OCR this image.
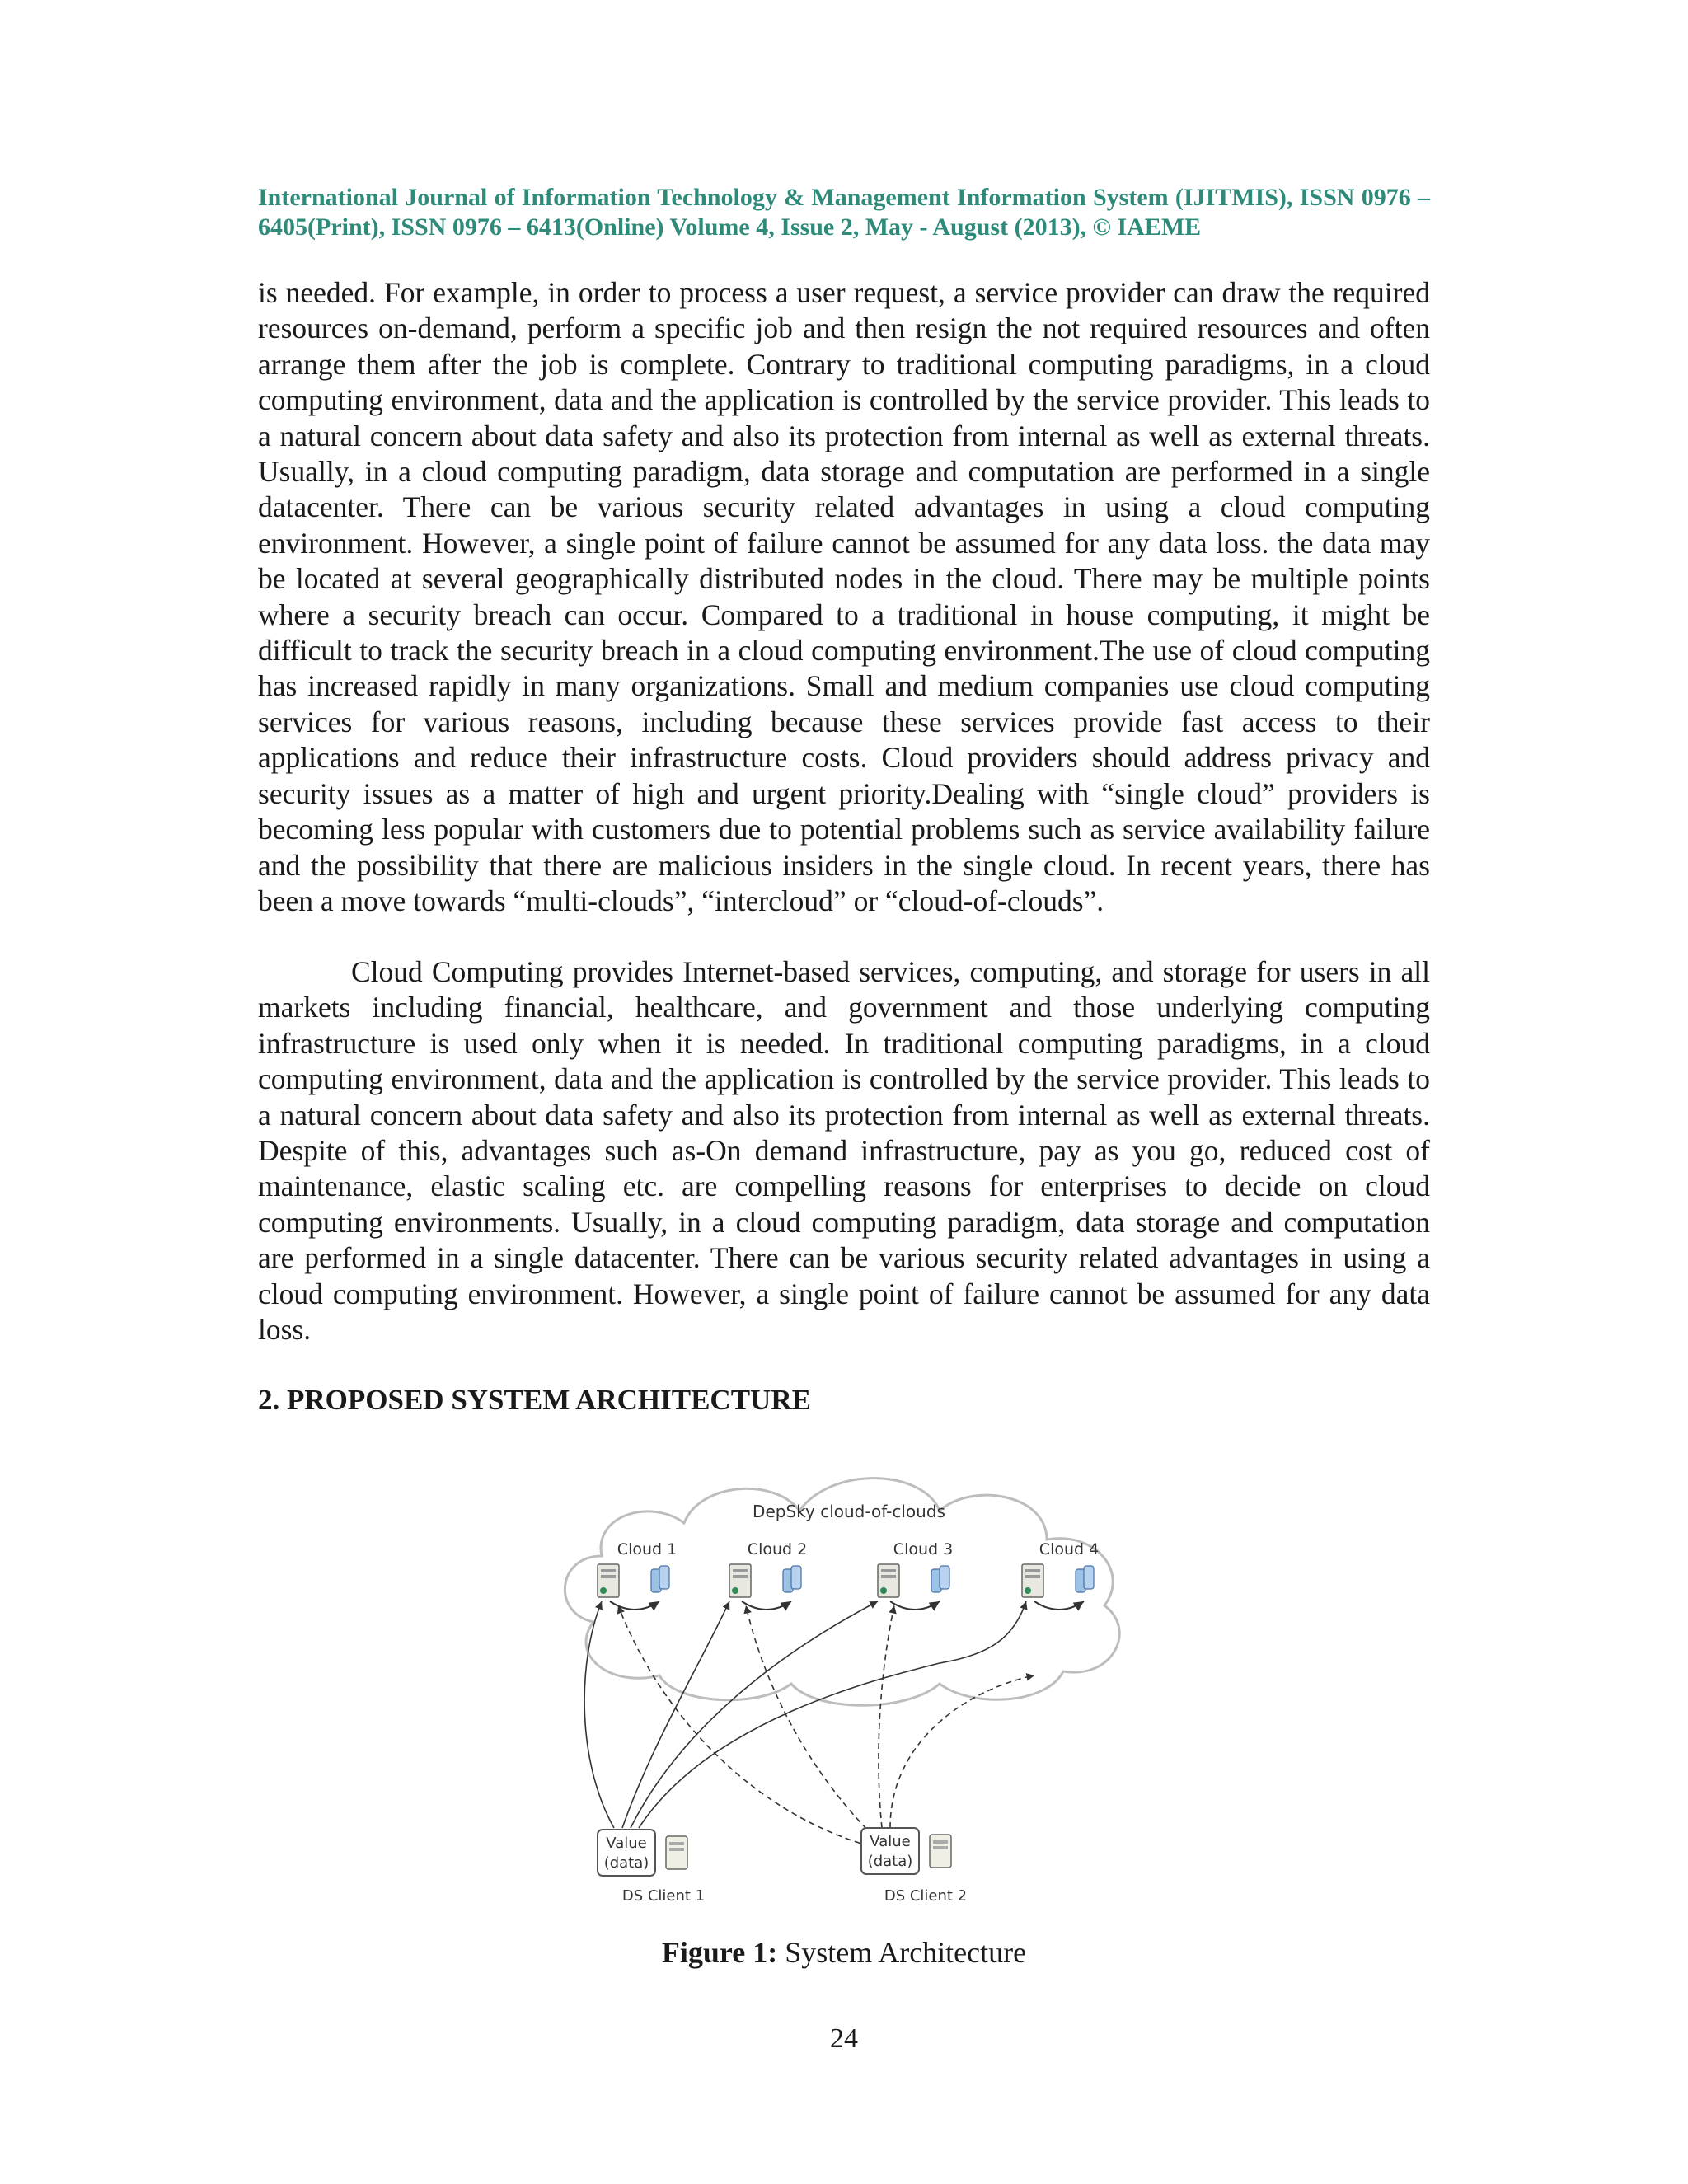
International Journal of Information Technology & Management Information System (IJITMIS), ISSN 0976 – 6405(Print), ISSN 0976 – 6413(Online) Volume 4, Issue 2, May - August (2013), © IAEME

is needed. For example, in order to process a user request, a service provider can draw the required resources on-demand, perform a specific job and then resign the not required resources and often arrange them after the job is complete. Contrary to traditional computing paradigms, in a cloud computing environment, data and the application is controlled by the service provider. This leads to a natural concern about data safety and also its protection from internal as well as external threats. Usually, in a cloud computing paradigm, data storage and computation are performed in a single datacenter. There can be various security related advantages in using a cloud computing environment. However, a single point of failure cannot be assumed for any data loss. the data may be located at several geographically distributed nodes in the cloud. There may be multiple points where a security breach can occur. Compared to a traditional in house computing, it might be difficult to track the security breach in a cloud computing environment.The use of cloud computing has increased rapidly in many organizations. Small and medium companies use cloud computing services for various reasons, including because these services provide fast access to their applications and reduce their infrastructure costs. Cloud providers should address privacy and security issues as a matter of high and urgent priority.Dealing with “single cloud” providers is becoming less popular with customers due to potential problems such as service availability failure and the possibility that there are malicious insiders in the single cloud. In recent years, there has been a move towards “multi-clouds”, “intercloud” or “cloud-of-clouds”.

Cloud Computing provides Internet-based services, computing, and storage for users in all markets including financial, healthcare, and government and those underlying computing infrastructure is used only when it is needed. In traditional computing paradigms, in a cloud computing environment, data and the application is controlled by the service provider. This leads to a natural concern about data safety and also its protection from internal as well as external threats. Despite of this, advantages such as-On demand infrastructure, pay as you go, reduced cost of maintenance, elastic scaling etc. are compelling reasons for enterprises to decide on cloud computing environments. Usually, in a cloud computing paradigm, data storage and computation are performed in a single datacenter. There can be various security related advantages in using a cloud computing environment. However, a single point of failure cannot be assumed for any data loss.

2. PROPOSED SYSTEM ARCHITECTURE
DepSky cloud-of-clouds
Cloud 1	Cloud 2	Cloud 3	Cloud 4
Value
(data)
DS Client 1
Value
(data)
DS Client 2
Figure 1: System Architecture
24
